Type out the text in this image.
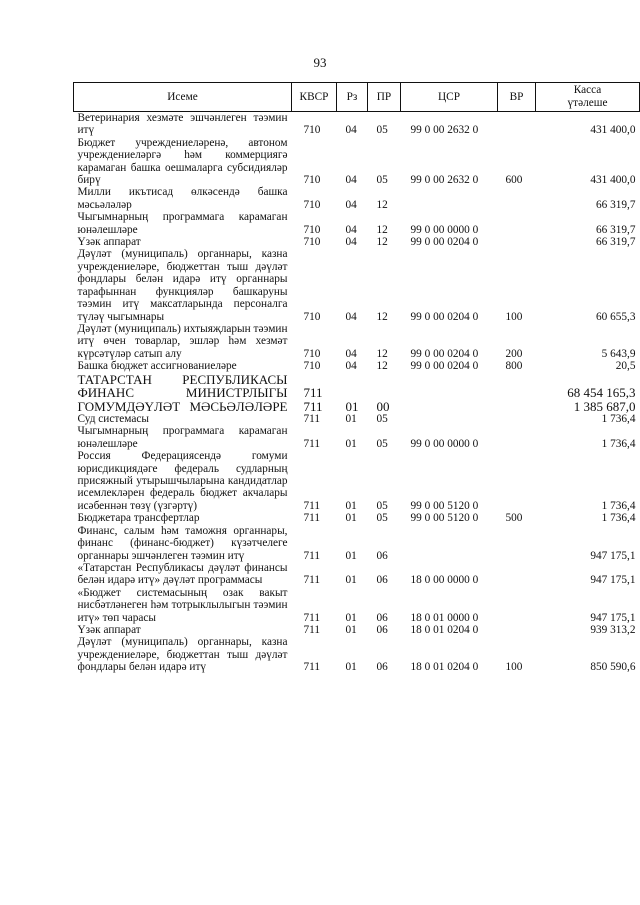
93
Исеме	КВСР	Рз	ПР	ЦСР	ВР	Касса
үтәлеше
Ветеринария хезмәте эшчәнлеген тәэмин итү	710	04	05	99 0 00 2632 0		431 400,0
Бюджет учреждениеләренә, автоном учреждениеләргә һәм коммерциягә карамаган башка оешмаларга субсидияләр бирү	710	04	05	99 0 00 2632 0	600	431 400,0
Милли икътисад өлкәсендә башка мәсьәләләр	710	04	12			66 319,7
Чыгымнарның программага карамаган юнәлешләре	710	04	12	99 0 00 0000 0		66 319,7
Үзәк аппарат	710	04	12	99 0 00 0204 0		66 319,7
Дәүләт (муниципаль) органнары, казна учреждениеләре, бюджеттан тыш дәүләт фондлары белән идарә итү органнары тарафыннан функцияләр башкаруны тәэмин итү максатларында персоналга түләү чыгымнары	710	04	12	99 0 00 0204 0	100	60 655,3
Дәүләт (муниципаль) ихтыяҗларын тәэмин итү өчен товарлар, эшләр һәм хезмәт күрсәтүләр сатып алу	710	04	12	99 0 00 0204 0	200	5 643,9
Башка бюджет ассигнованиеләре	710	04	12	99 0 00 0204 0	800	20,5
ТАТАРСТАН РЕСПУБЛИКАСЫ ФИНАНС МИНИСТРЛЫГЫ	711					68 454 165,3
ГОМУМДӘҮЛӘТ МӘСЬӘЛӘЛӘРЕ	711	01	00			1 385 687,0
Суд системасы	711	01	05			1 736,4
Чыгымнарның программага карамаган юнәлешләре	711	01	05	99 0 00 0000 0		1 736,4
Россия Федерациясендә гомуми юрисдикциядәге федераль судларның присяжный утырышчыларына кандидатлар исемлекләрен федераль бюджет акчалары исәбеннән төзү (үзгәртү)	711	01	05	99 0 00 5120 0		1 736,4
Бюджетара трансфертлар	711	01	05	99 0 00 5120 0	500	1 736,4
Финанс, салым һәм таможня органнары, финанс (финанс-бюджет) күзәтчелеге органнары эшчәнлеген тәэмин итү	711	01	06			947 175,1
«Татарстан Республикасы дәүләт финансы белән идарә итү» дәүләт программасы	711	01	06	18 0 00 0000 0		947 175,1
«Бюджет системасының озак вакыт нисбәтләнеген һәм тотрыклылыгын тәэмин итү» төп чарасы	711	01	06	18 0 01 0000 0		947 175,1
Үзәк аппарат	711	01	06	18 0 01 0204 0		939 313,2
Дәүләт (муниципаль) органнары, казна учреждениеләре, бюджеттан тыш дәүләт фондлары белән идарә итү	711	01	06	18 0 01 0204 0	100	850 590,6
